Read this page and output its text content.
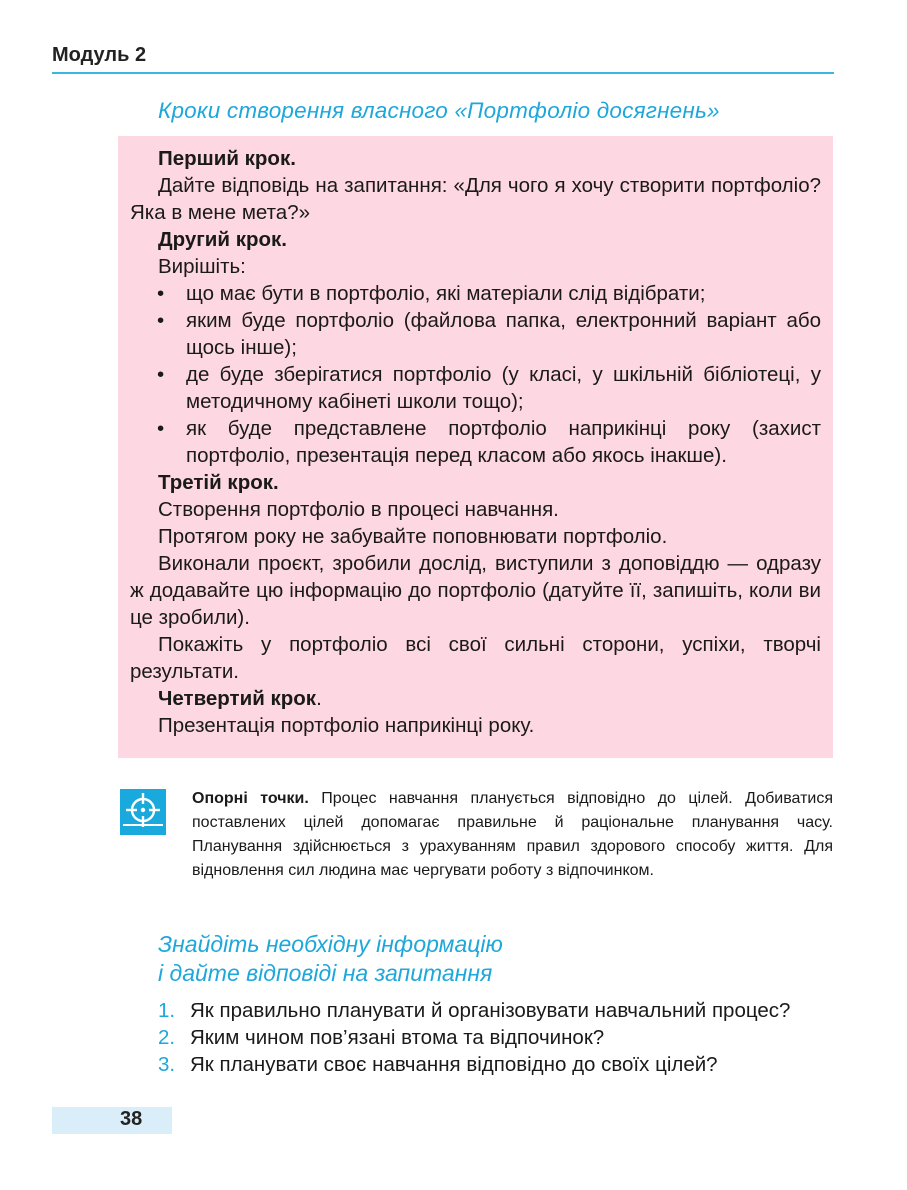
Модуль 2
Кроки створення власного «Портфоліо досягнень»
Перший крок.
Дайте відповідь на запитання: «Для чого я хочу створити портфоліо? Яка в мене мета?»
Другий крок.
Вирішіть:
• що має бути в портфоліо, які матеріали слід відібрати;
• яким буде портфоліо (файлова папка, електронний варіант або щось інше);
• де буде зберігатися портфоліо (у класі, у шкільній бібліотеці, у методичному кабінеті школи тощо);
• як буде представлене портфоліо наприкінці року (захист портфоліо, презентація перед класом або якось інакше).
Третій крок.
Створення портфоліо в процесі навчання.
Протягом року не забувайте поповнювати портфоліо.
Виконали проєкт, зробили дослід, виступили з доповіддю — одразу ж додавайте цю інформацію до портфоліо (датуйте її, запишіть, коли ви це зробили).
Покажіть у портфоліо всі свої сильні сторони, успіхи, творчі результати.
Четвертий крок.
Презентація портфоліо наприкінці року.
Опорні точки. Процес навчання планується відповідно до цілей. Добиватися поставлених цілей допомагає правильне й раціональне планування часу. Планування здійснюється з урахуванням правил здорового способу життя. Для відновлення сил людина має чергувати роботу з відпочинком.
Знайдіть необхідну інформацію
і дайте відповіді на запитання
1. Як правильно планувати й організовувати навчальний процес?
2. Яким чином пов’язані втома та відпочинок?
3. Як планувати своє навчання відповідно до своїх цілей?
38
